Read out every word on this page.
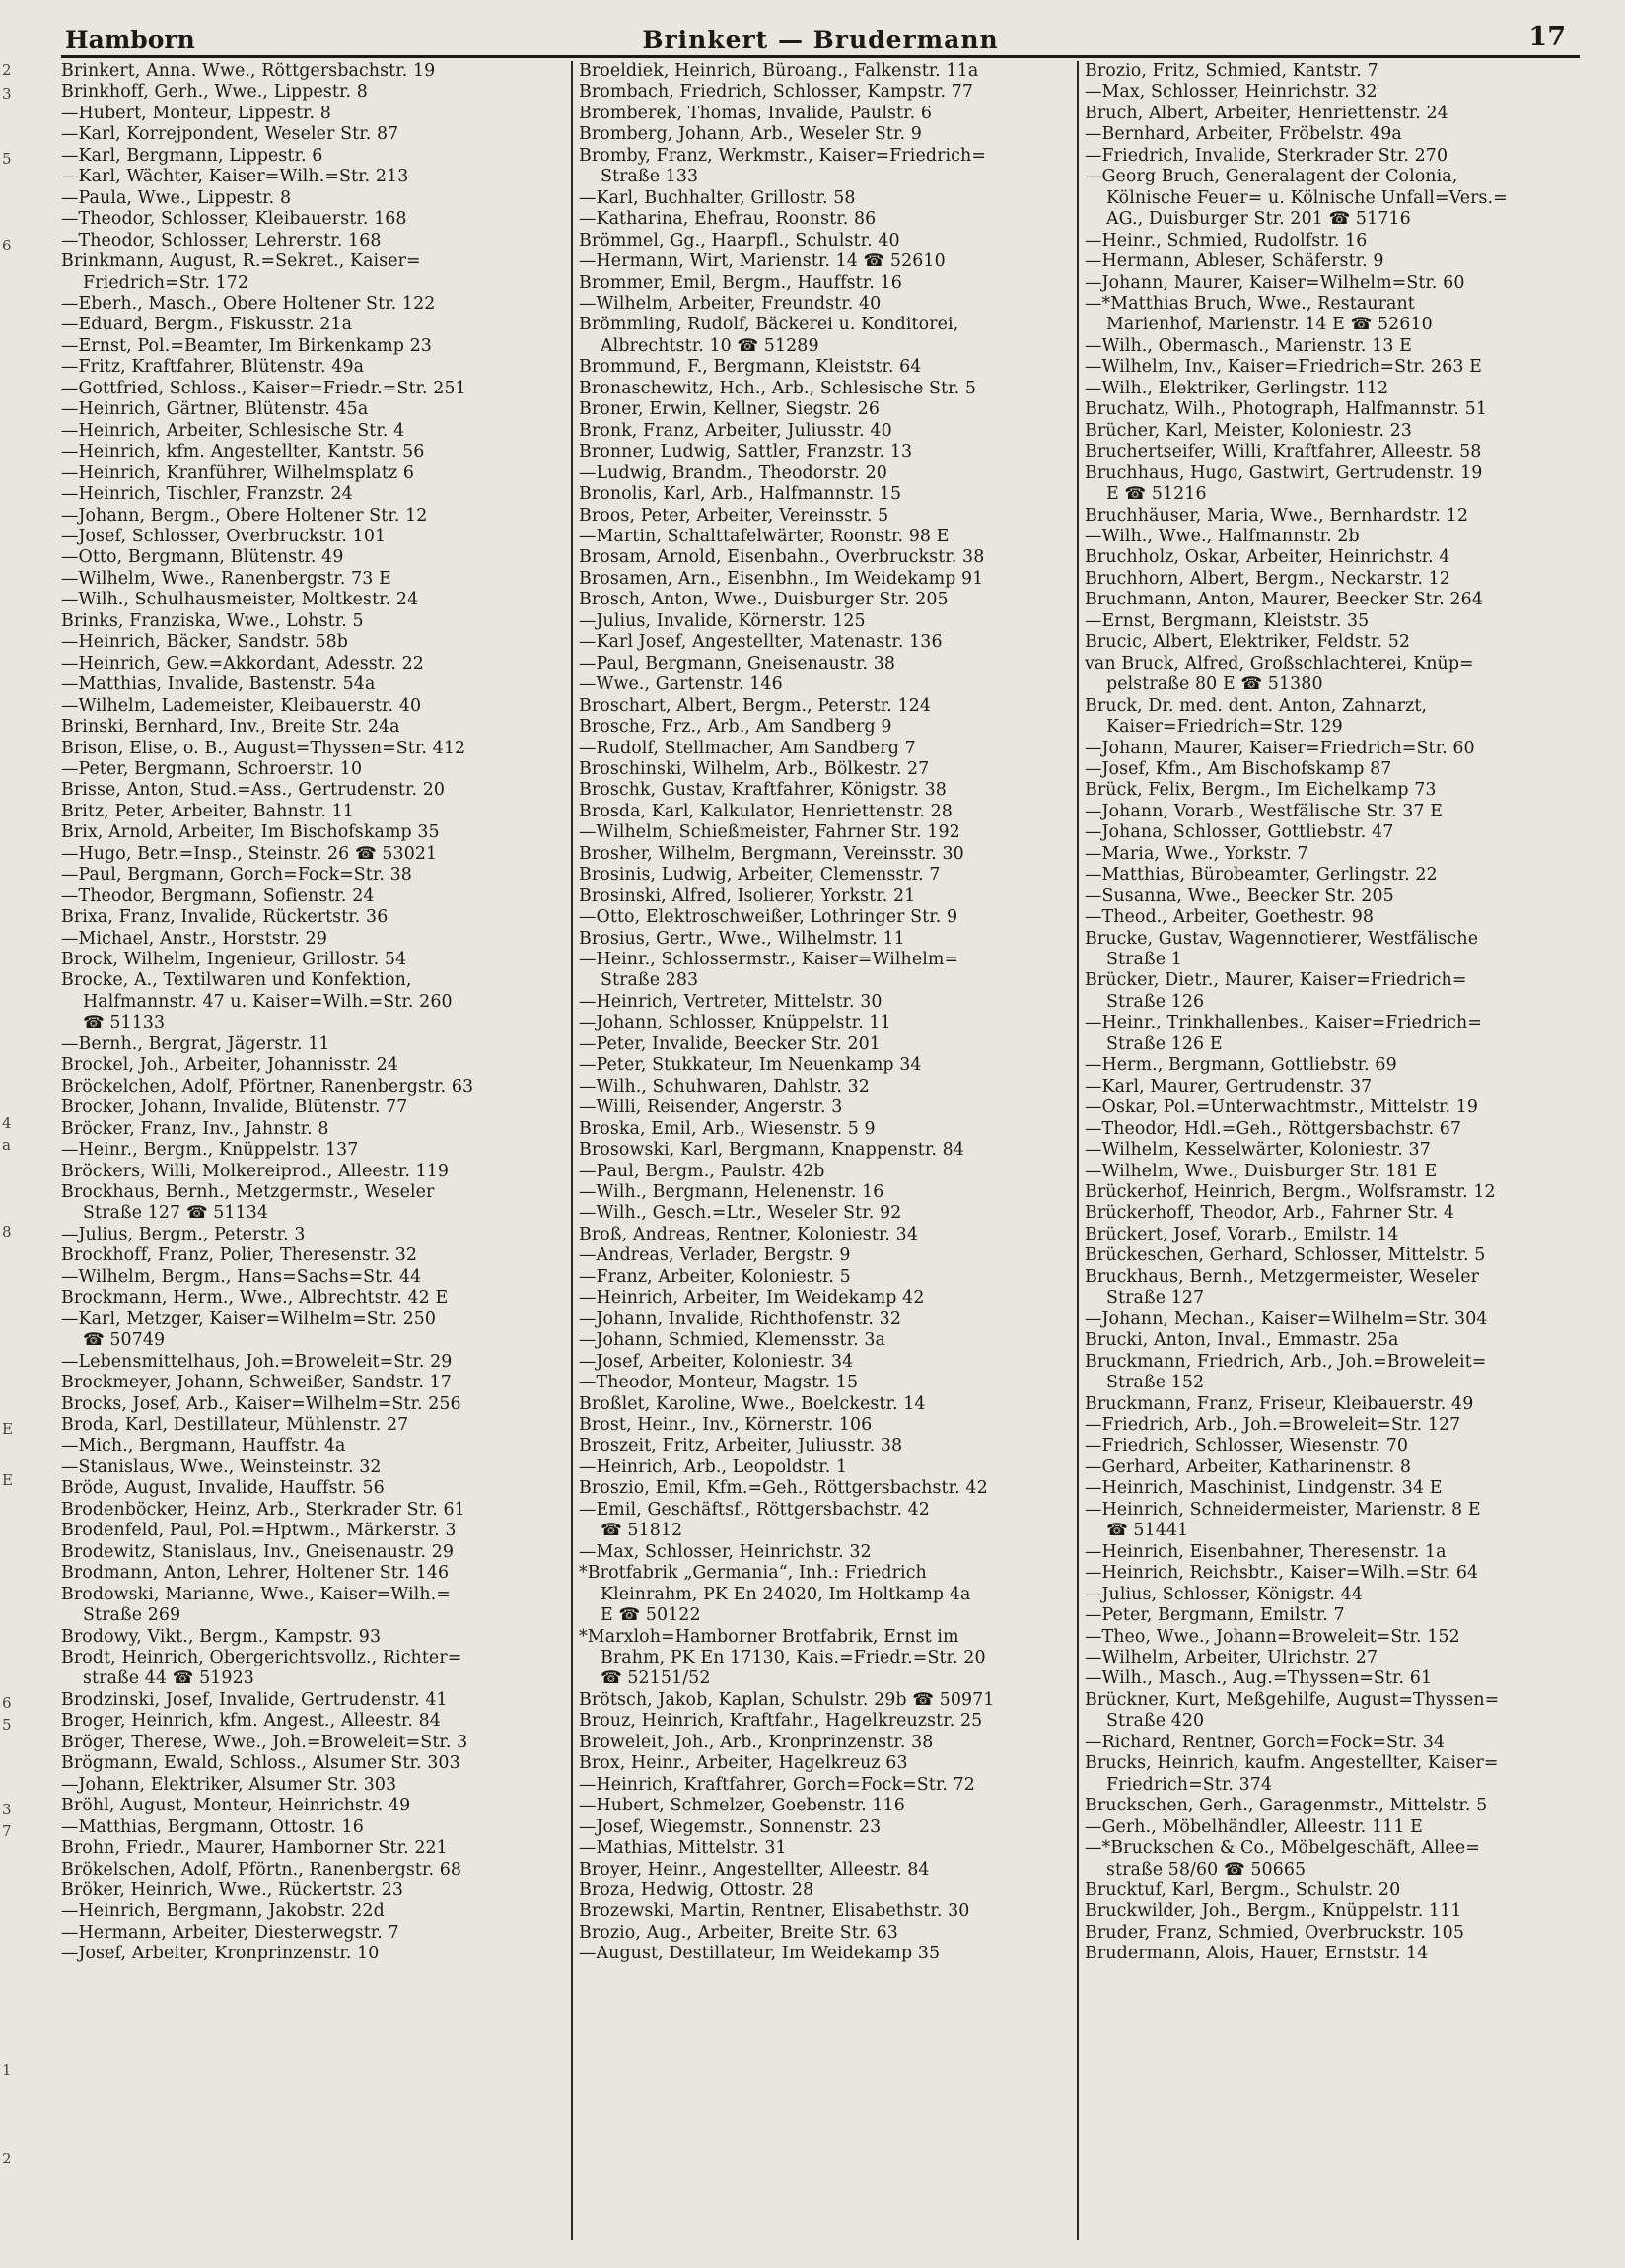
2
3
5
6
4
a
8
E
E
6
5
3
7
1
2
Hamborn	Brinkert — Brudermann	17
Brinkert, Anna. Wwe., Röttgersbachstr. 19
Brinkhoff, Gerh., Wwe., Lippestr. 8
—Hubert, Monteur, Lippestr. 8
—Karl, Korrejpondent, Weseler Str. 87
—Karl, Bergmann, Lippestr. 6
—Karl, Wächter, Kaiser=Wilh.=Str. 213
—Paula, Wwe., Lippestr. 8
—Theodor, Schlosser, Kleibauerstr. 168
—Theodor, Schlosser, Lehrerstr. 168
Brinkmann, August, R.=Sekret., Kaiser=
Friedrich=Str. 172
—Eberh., Masch., Obere Holtener Str. 122
—Eduard, Bergm., Fiskusstr. 21a
—Ernst, Pol.=Beamter, Im Birkenkamp 23
—Fritz, Kraftfahrer, Blütenstr. 49a
—Gottfried, Schloss., Kaiser=Friedr.=Str. 251
—Heinrich, Gärtner, Blütenstr. 45a
—Heinrich, Arbeiter, Schlesische Str. 4
—Heinrich, kfm. Angestellter, Kantstr. 56
—Heinrich, Kranführer, Wilhelmsplatz 6
—Heinrich, Tischler, Franzstr. 24
—Johann, Bergm., Obere Holtener Str. 12
—Josef, Schlosser, Overbruckstr. 101
—Otto, Bergmann, Blütenstr. 49
—Wilhelm, Wwe., Ranenbergstr. 73 E
—Wilh., Schulhausmeister, Moltkestr. 24
Brinks, Franziska, Wwe., Lohstr. 5
—Heinrich, Bäcker, Sandstr. 58b
—Heinrich, Gew.=Akkordant, Adesstr. 22
—Matthias, Invalide, Bastenstr. 54a
—Wilhelm, Lademeister, Kleibauerstr. 40
Brinski, Bernhard, Inv., Breite Str. 24a
Brison, Elise, o. B., August=Thyssen=Str. 412
—Peter, Bergmann, Schroerstr. 10
Brisse, Anton, Stud.=Ass., Gertrudenstr. 20
Britz, Peter, Arbeiter, Bahnstr. 11
Brix, Arnold, Arbeiter, Im Bischofskamp 35
—Hugo, Betr.=Insp., Steinstr. 26 ☎ 53021
—Paul, Bergmann, Gorch=Fock=Str. 38
—Theodor, Bergmann, Sofienstr. 24
Brixa, Franz, Invalide, Rückertstr. 36
—Michael, Anstr., Horststr. 29
Brock, Wilhelm, Ingenieur, Grillostr. 54
Brocke, A., Textilwaren und Konfektion,
Halfmannstr. 47 u. Kaiser=Wilh.=Str. 260
☎ 51133
—Bernh., Bergrat, Jägerstr. 11
Brockel, Joh., Arbeiter, Johannisstr. 24
Bröckelchen, Adolf, Pförtner, Ranenbergstr. 63
Brocker, Johann, Invalide, Blütenstr. 77
Bröcker, Franz, Inv., Jahnstr. 8
—Heinr., Bergm., Knüppelstr. 137
Bröckers, Willi, Molkereiprod., Alleestr. 119
Brockhaus, Bernh., Metzgermstr., Weseler
Straße 127 ☎ 51134
—Julius, Bergm., Peterstr. 3
Brockhoff, Franz, Polier, Theresenstr. 32
—Wilhelm, Bergm., Hans=Sachs=Str. 44
Brockmann, Herm., Wwe., Albrechtstr. 42 E
—Karl, Metzger, Kaiser=Wilhelm=Str. 250
☎ 50749
—Lebensmittelhaus, Joh.=Broweleit=Str. 29
Brockmeyer, Johann, Schweißer, Sandstr. 17
Brocks, Josef, Arb., Kaiser=Wilhelm=Str. 256
Broda, Karl, Destillateur, Mühlenstr. 27
—Mich., Bergmann, Hauffstr. 4a
—Stanislaus, Wwe., Weinsteinstr. 32
Bröde, August, Invalide, Hauffstr. 56
Brodenböcker, Heinz, Arb., Sterkrader Str. 61
Brodenfeld, Paul, Pol.=Hptwm., Märkerstr. 3
Brodewitz, Stanislaus, Inv., Gneisenaustr. 29
Brodmann, Anton, Lehrer, Holtener Str. 146
Brodowski, Marianne, Wwe., Kaiser=Wilh.=
Straße 269
Brodowy, Vikt., Bergm., Kampstr. 93
Brodt, Heinrich, Obergerichtsvollz., Richter=
straße 44 ☎ 51923
Brodzinski, Josef, Invalide, Gertrudenstr. 41
Broger, Heinrich, kfm. Angest., Alleestr. 84
Bröger, Therese, Wwe., Joh.=Broweleit=Str. 3
Brögmann, Ewald, Schloss., Alsumer Str. 303
—Johann, Elektriker, Alsumer Str. 303
Bröhl, August, Monteur, Heinrichstr. 49
—Matthias, Bergmann, Ottostr. 16
Brohn, Friedr., Maurer, Hamborner Str. 221
Brökelschen, Adolf, Pförtn., Ranenbergstr. 68
Bröker, Heinrich, Wwe., Rückertstr. 23
—Heinrich, Bergmann, Jakobstr. 22d
—Hermann, Arbeiter, Diesterwegstr. 7
—Josef, Arbeiter, Kronprinzenstr. 10
Broeldiek, Heinrich, Büroang., Falkenstr. 11a
Brombach, Friedrich, Schlosser, Kampstr. 77
Bromberek, Thomas, Invalide, Paulstr. 6
Bromberg, Johann, Arb., Weseler Str. 9
Bromby, Franz, Werkmstr., Kaiser=Friedrich=
Straße 133
—Karl, Buchhalter, Grillostr. 58
—Katharina, Ehefrau, Roonstr. 86
Brömmel, Gg., Haarpfl., Schulstr. 40
—Hermann, Wirt, Marienstr. 14 ☎ 52610
Brommer, Emil, Bergm., Hauffstr. 16
—Wilhelm, Arbeiter, Freundstr. 40
Brömmling, Rudolf, Bäckerei u. Konditorei,
Albrechtstr. 10 ☎ 51289
Brommund, F., Bergmann, Kleiststr. 64
Bronaschewitz, Hch., Arb., Schlesische Str. 5
Broner, Erwin, Kellner, Siegstr. 26
Bronk, Franz, Arbeiter, Juliusstr. 40
Bronner, Ludwig, Sattler, Franzstr. 13
—Ludwig, Brandm., Theodorstr. 20
Bronolis, Karl, Arb., Halfmannstr. 15
Broos, Peter, Arbeiter, Vereinsstr. 5
—Martin, Schalttafelwärter, Roonstr. 98 E
Brosam, Arnold, Eisenbahn., Overbruckstr. 38
Brosamen, Arn., Eisenbhn., Im Weidekamp 91
Brosch, Anton, Wwe., Duisburger Str. 205
—Julius, Invalide, Körnerstr. 125
—Karl Josef, Angestellter, Matenastr. 136
—Paul, Bergmann, Gneisenaustr. 38
—Wwe., Gartenstr. 146
Broschart, Albert, Bergm., Peterstr. 124
Brosche, Frz., Arb., Am Sandberg 9
—Rudolf, Stellmacher, Am Sandberg 7
Broschinski, Wilhelm, Arb., Bölkestr. 27
Broschk, Gustav, Kraftfahrer, Königstr. 38
Brosda, Karl, Kalkulator, Henriettenstr. 28
—Wilhelm, Schießmeister, Fahrner Str. 192
Brosher, Wilhelm, Bergmann, Vereinsstr. 30
Brosinis, Ludwig, Arbeiter, Clemensstr. 7
Brosinski, Alfred, Isolierer, Yorkstr. 21
—Otto, Elektroschweißer, Lothringer Str. 9
Brosius, Gertr., Wwe., Wilhelmstr. 11
—Heinr., Schlossermstr., Kaiser=Wilhelm=
Straße 283
—Heinrich, Vertreter, Mittelstr. 30
—Johann, Schlosser, Knüppelstr. 11
—Peter, Invalide, Beecker Str. 201
—Peter, Stukkateur, Im Neuenkamp 34
—Wilh., Schuhwaren, Dahlstr. 32
—Willi, Reisender, Angerstr. 3
Broska, Emil, Arb., Wiesenstr. 5 9
Brosowski, Karl, Bergmann, Knappenstr. 84
—Paul, Bergm., Paulstr. 42b
—Wilh., Bergmann, Helenenstr. 16
—Wilh., Gesch.=Ltr., Weseler Str. 92
Broß, Andreas, Rentner, Koloniestr. 34
—Andreas, Verlader, Bergstr. 9
—Franz, Arbeiter, Koloniestr. 5
—Heinrich, Arbeiter, Im Weidekamp 42
—Johann, Invalide, Richthofenstr. 32
—Johann, Schmied, Klemensstr. 3a
—Josef, Arbeiter, Koloniestr. 34
—Theodor, Monteur, Magstr. 15
Broßlet, Karoline, Wwe., Boelckestr. 14
Brost, Heinr., Inv., Körnerstr. 106
Broszeit, Fritz, Arbeiter, Juliusstr. 38
—Heinrich, Arb., Leopoldstr. 1
Broszio, Emil, Kfm.=Geh., Röttgersbachstr. 42
—Emil, Geschäftsf., Röttgersbachstr. 42
☎ 51812
—Max, Schlosser, Heinrichstr. 32
*Brotfabrik „Germania“, Inh.: Friedrich
Kleinrahm, PK En 24020, Im Holtkamp 4a
E ☎ 50122
*Marxloh=Hamborner Brotfabrik, Ernst im
Brahm, PK En 17130, Kais.=Friedr.=Str. 20
☎ 52151/52
Brötsch, Jakob, Kaplan, Schulstr. 29b ☎ 50971
Brouz, Heinrich, Kraftfahr., Hagelkreuzstr. 25
Broweleit, Joh., Arb., Kronprinzenstr. 38
Brox, Heinr., Arbeiter, Hagelkreuz 63
—Heinrich, Kraftfahrer, Gorch=Fock=Str. 72
—Hubert, Schmelzer, Goebenstr. 116
—Josef, Wiegemstr., Sonnenstr. 23
—Mathias, Mittelstr. 31
Broyer, Heinr., Angestellter, Alleestr. 84
Broza, Hedwig, Ottostr. 28
Brozewski, Martin, Rentner, Elisabethstr. 30
Brozio, Aug., Arbeiter, Breite Str. 63
—August, Destillateur, Im Weidekamp 35
Brozio, Fritz, Schmied, Kantstr. 7
—Max, Schlosser, Heinrichstr. 32
Bruch, Albert, Arbeiter, Henriettenstr. 24
—Bernhard, Arbeiter, Fröbelstr. 49a
—Friedrich, Invalide, Sterkrader Str. 270
—Georg Bruch, Generalagent der Colonia,
Kölnische Feuer= u. Kölnische Unfall=Vers.=
AG., Duisburger Str. 201 ☎ 51716
—Heinr., Schmied, Rudolfstr. 16
—Hermann, Ableser, Schäferstr. 9
—Johann, Maurer, Kaiser=Wilhelm=Str. 60
—*Matthias Bruch, Wwe., Restaurant
Marienhof, Marienstr. 14 E ☎ 52610
—Wilh., Obermasch., Marienstr. 13 E
—Wilhelm, Inv., Kaiser=Friedrich=Str. 263 E
—Wilh., Elektriker, Gerlingstr. 112
Bruchatz, Wilh., Photograph, Halfmannstr. 51
Brücher, Karl, Meister, Koloniestr. 23
Bruchertseifer, Willi, Kraftfahrer, Alleestr. 58
Bruchhaus, Hugo, Gastwirt, Gertrudenstr. 19
E ☎ 51216
Bruchhäuser, Maria, Wwe., Bernhardstr. 12
—Wilh., Wwe., Halfmannstr. 2b
Bruchholz, Oskar, Arbeiter, Heinrichstr. 4
Bruchhorn, Albert, Bergm., Neckarstr. 12
Bruchmann, Anton, Maurer, Beecker Str. 264
—Ernst, Bergmann, Kleiststr. 35
Brucic, Albert, Elektriker, Feldstr. 52
van Bruck, Alfred, Großschlachterei, Knüp=
pelstraße 80 E ☎ 51380
Bruck, Dr. med. dent. Anton, Zahnarzt,
Kaiser=Friedrich=Str. 129
—Johann, Maurer, Kaiser=Friedrich=Str. 60
—Josef, Kfm., Am Bischofskamp 87
Brück, Felix, Bergm., Im Eichelkamp 73
—Johann, Vorarb., Westfälische Str. 37 E
—Johana, Schlosser, Gottliebstr. 47
—Maria, Wwe., Yorkstr. 7
—Matthias, Bürobeamter, Gerlingstr. 22
—Susanna, Wwe., Beecker Str. 205
—Theod., Arbeiter, Goethestr. 98
Brucke, Gustav, Wagennotierer, Westfälische
Straße 1
Brücker, Dietr., Maurer, Kaiser=Friedrich=
Straße 126
—Heinr., Trinkhallenbes., Kaiser=Friedrich=
Straße 126 E
—Herm., Bergmann, Gottliebstr. 69
—Karl, Maurer, Gertrudenstr. 37
—Oskar, Pol.=Unterwachtmstr., Mittelstr. 19
—Theodor, Hdl.=Geh., Röttgersbachstr. 67
—Wilhelm, Kesselwärter, Koloniestr. 37
—Wilhelm, Wwe., Duisburger Str. 181 E
Brückerhof, Heinrich, Bergm., Wolfsramstr. 12
Brückerhoff, Theodor, Arb., Fahrner Str. 4
Brückert, Josef, Vorarb., Emilstr. 14
Brückeschen, Gerhard, Schlosser, Mittelstr. 5
Bruckhaus, Bernh., Metzgermeister, Weseler
Straße 127
—Johann, Mechan., Kaiser=Wilhelm=Str. 304
Brucki, Anton, Inval., Emmastr. 25a
Bruckmann, Friedrich, Arb., Joh.=Broweleit=
Straße 152
Bruckmann, Franz, Friseur, Kleibauerstr. 49
—Friedrich, Arb., Joh.=Broweleit=Str. 127
—Friedrich, Schlosser, Wiesenstr. 70
—Gerhard, Arbeiter, Katharinenstr. 8
—Heinrich, Maschinist, Lindgenstr. 34 E
—Heinrich, Schneidermeister, Marienstr. 8 E
☎ 51441
—Heinrich, Eisenbahner, Theresenstr. 1a
—Heinrich, Reichsbtr., Kaiser=Wilh.=Str. 64
—Julius, Schlosser, Königstr. 44
—Peter, Bergmann, Emilstr. 7
—Theo, Wwe., Johann=Broweleit=Str. 152
—Wilhelm, Arbeiter, Ulrichstr. 27
—Wilh., Masch., Aug.=Thyssen=Str. 61
Brückner, Kurt, Meßgehilfe, August=Thyssen=
Straße 420
—Richard, Rentner, Gorch=Fock=Str. 34
Brucks, Heinrich, kaufm. Angestellter, Kaiser=
Friedrich=Str. 374
Bruckschen, Gerh., Garagenmstr., Mittelstr. 5
—Gerh., Möbelhändler, Alleestr. 111 E
—*Bruckschen & Co., Möbelgeschäft, Allee=
straße 58/60 ☎ 50665
Brucktuf, Karl, Bergm., Schulstr. 20
Bruckwilder, Joh., Bergm., Knüppelstr. 111
Bruder, Franz, Schmied, Overbruckstr. 105
Brudermann, Alois, Hauer, Ernststr. 14
